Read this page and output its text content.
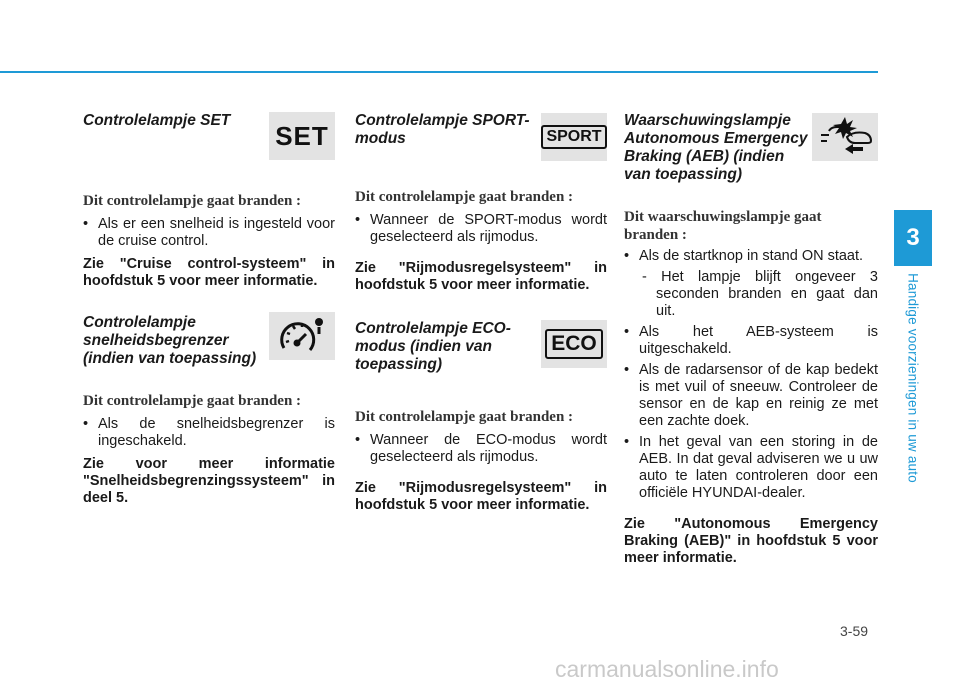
Controlelampje SET	SET

Dit controlelampje gaat branden :

• Als er een snelheid is ingesteld voor de cruise control.

Zie "Cruise control-systeem" in hoofdstuk 5 voor meer informatie.

Controlelampje snelheidsbegrenzer (indien van toepassing)

Dit controlelampje gaat branden :

• Als de snelheidsbegrenzer is ingeschakeld.

Zie voor meer informatie "Snelheidsbegrenzingssysteem" in deel 5.

Controlelampje SPORT-modus	SPORT

Dit controlelampje gaat branden :

• Wanneer de SPORT-modus wordt geselecteerd als rijmodus.

Zie "Rijmodusregelsysteem" in hoofdstuk 5 voor meer informatie.

Controlelampje ECO-modus (indien van toepassing)

ECO

Dit controlelampje gaat branden :

• Wanneer de ECO-modus wordt geselecteerd als rijmodus.

Zie "Rijmodusregelsysteem" in hoofdstuk 5 voor meer informatie.

Waarschuwingslampje Autonomous Emergency Braking (AEB) (indien van toepassing)

Dit waarschuwingslampje gaat branden :

• Als de startknop in stand ON staat.

- Het lampje blijft ongeveer 3 seconden branden en gaat dan uit.

• Als het AEB-systeem is uitgeschakeld.
• Als de radarsensor of de kap bedekt is met vuil of sneeuw. Controleer de sensor en de kap en reinig ze met een zachte doek.
• In het geval van een storing in de AEB. In dat geval adviseren we u uw auto te laten controleren door een officiële HYUNDAI-dealer.

Zie "Autonomous Emergency Braking (AEB)" in hoofdstuk 5 voor meer informatie.

3
Handige voorzieningen in uw auto
3-59
carmanualsonline.info
